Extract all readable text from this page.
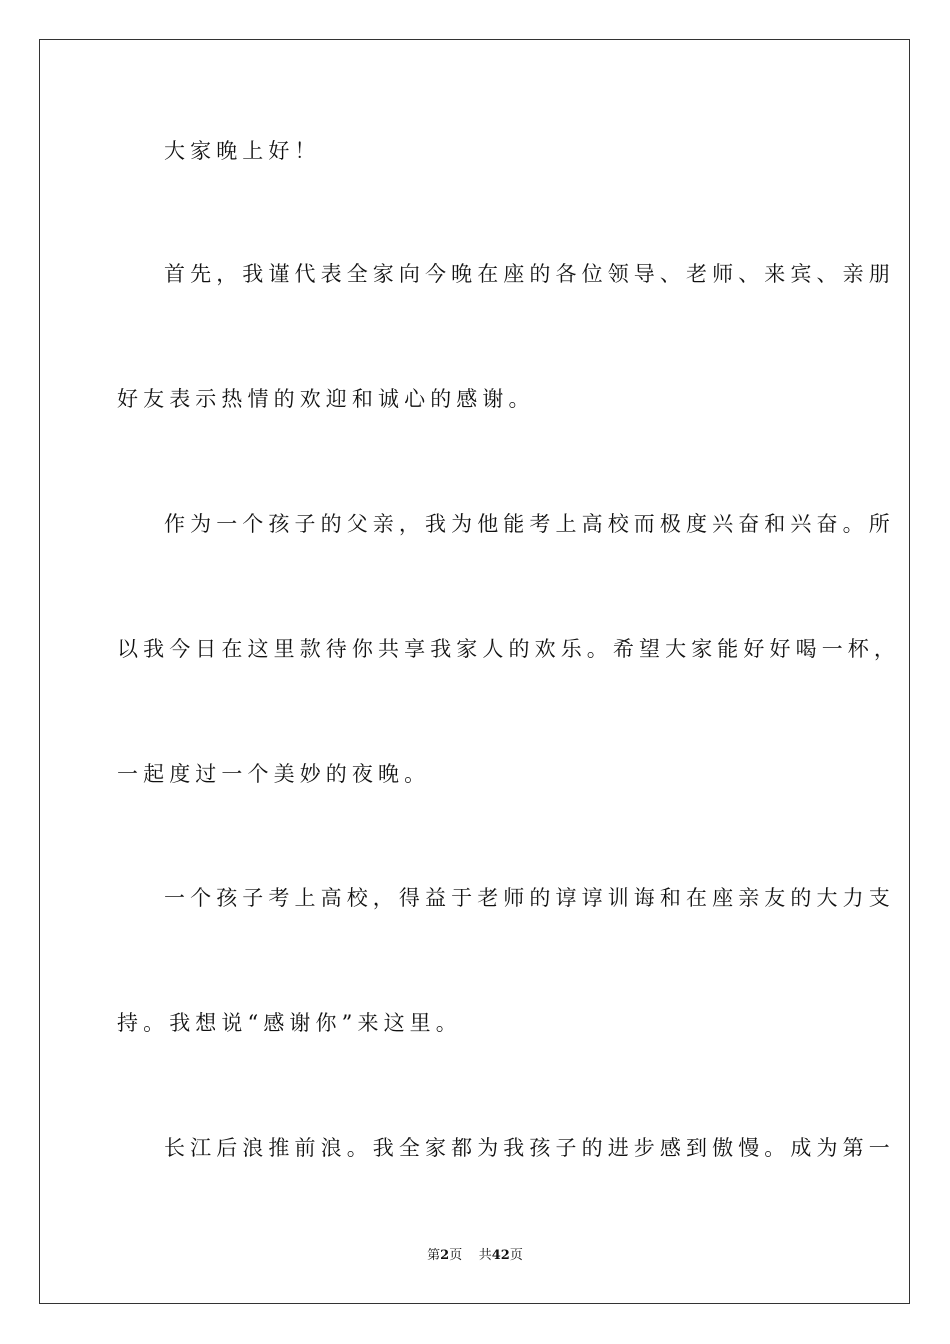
大家晚上好！
首先，我谨代表全家向今晚在座的各位领导、老师、来宾、亲朋
好友表示热情的欢迎和诚心的感谢。
作为一个孩子的父亲，我为他能考上高校而极度兴奋和兴奋。所
以我今日在这里款待你共享我家人的欢乐。希望大家能好好喝一杯，
一起度过一个美妙的夜晚。
一个孩子考上高校，得益于老师的谆谆训诲和在座亲友的大力支
持。我想说“感谢你”来这里。
长江后浪推前浪。我全家都为我孩子的进步感到傲慢。成为第一
第2页 共42页
